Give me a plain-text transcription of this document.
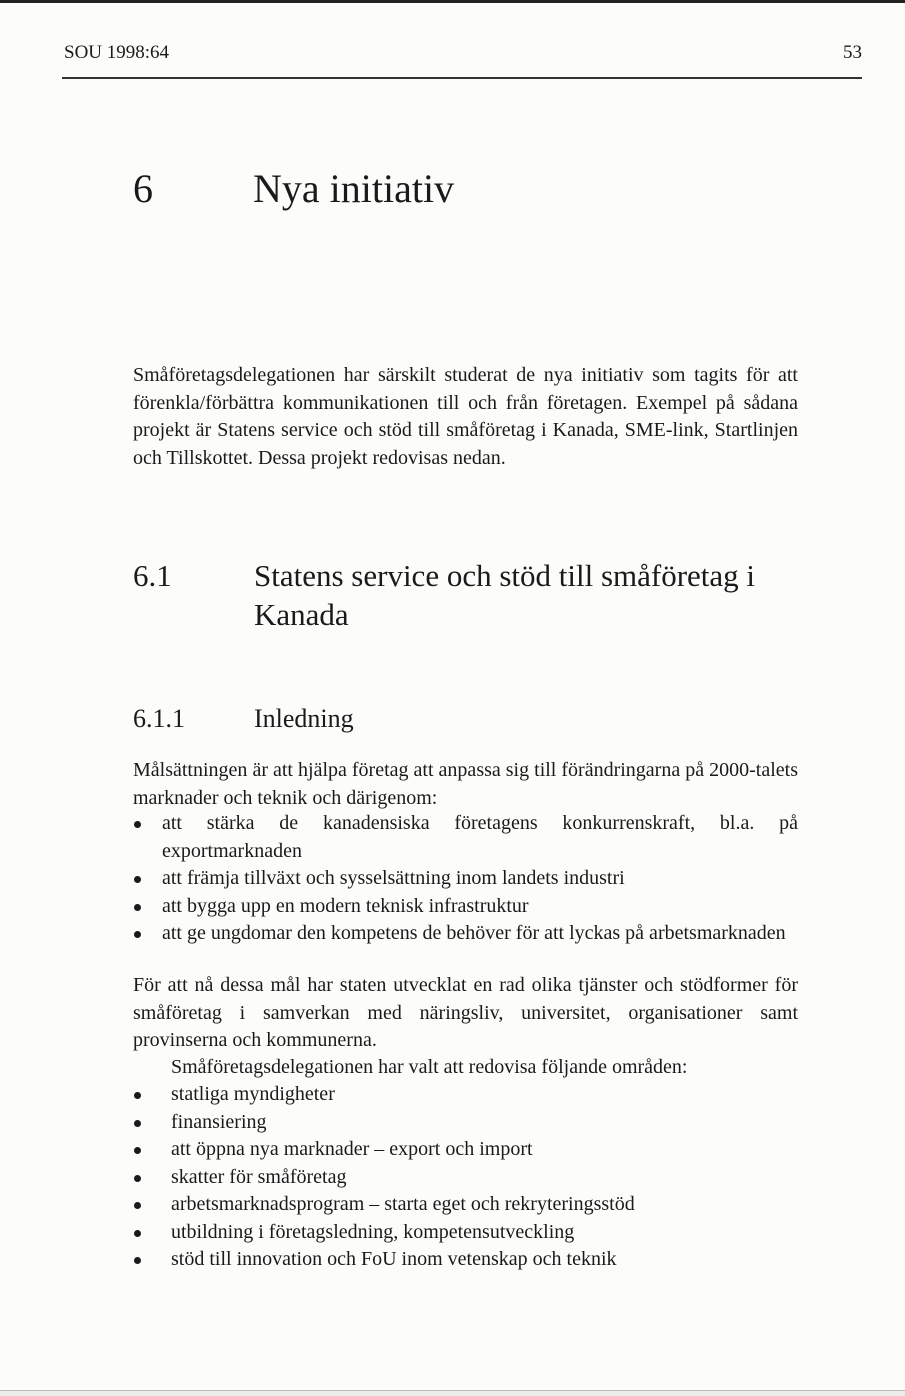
SOU 1998:64	53
6	Nya initiativ

Småföretagsdelegationen har särskilt studerat de nya initiativ som tagits för att förenkla/förbättra kommunikationen till och från företagen. Exempel på sådana projekt är Statens service och stöd till småföretag i Kanada, SME-link, Startlinjen och Tillskottet. Dessa projekt redovisas nedan.

6.1	Statens service och stöd till småföretag i Kanada
6.1.1	Inledning

Målsättningen är att hjälpa företag att anpassa sig till förändringarna på 2000-talets marknader och teknik och därigenom:

att stärka de kanadensiska företagens konkurrenskraft, bl.a. på exportmarknaden
att främja tillväxt och sysselsättning inom landets industri
att bygga upp en modern teknisk infrastruktur
att ge ungdomar den kompetens de behöver för att lyckas på arbetsmarknaden

För att nå dessa mål har staten utvecklat en rad olika tjänster och stödformer för småföretag i samverkan med näringsliv, universitet, organisationer samt provinserna och kommunerna.

Småföretagsdelegationen har valt att redovisa följande områden:

statliga myndigheter
finansiering
att öppna nya marknader – export och import
skatter för småföretag
arbetsmarknadsprogram – starta eget och rekryteringsstöd
utbildning i företagsledning, kompetensutveckling
stöd till innovation och FoU inom vetenskap och teknik
